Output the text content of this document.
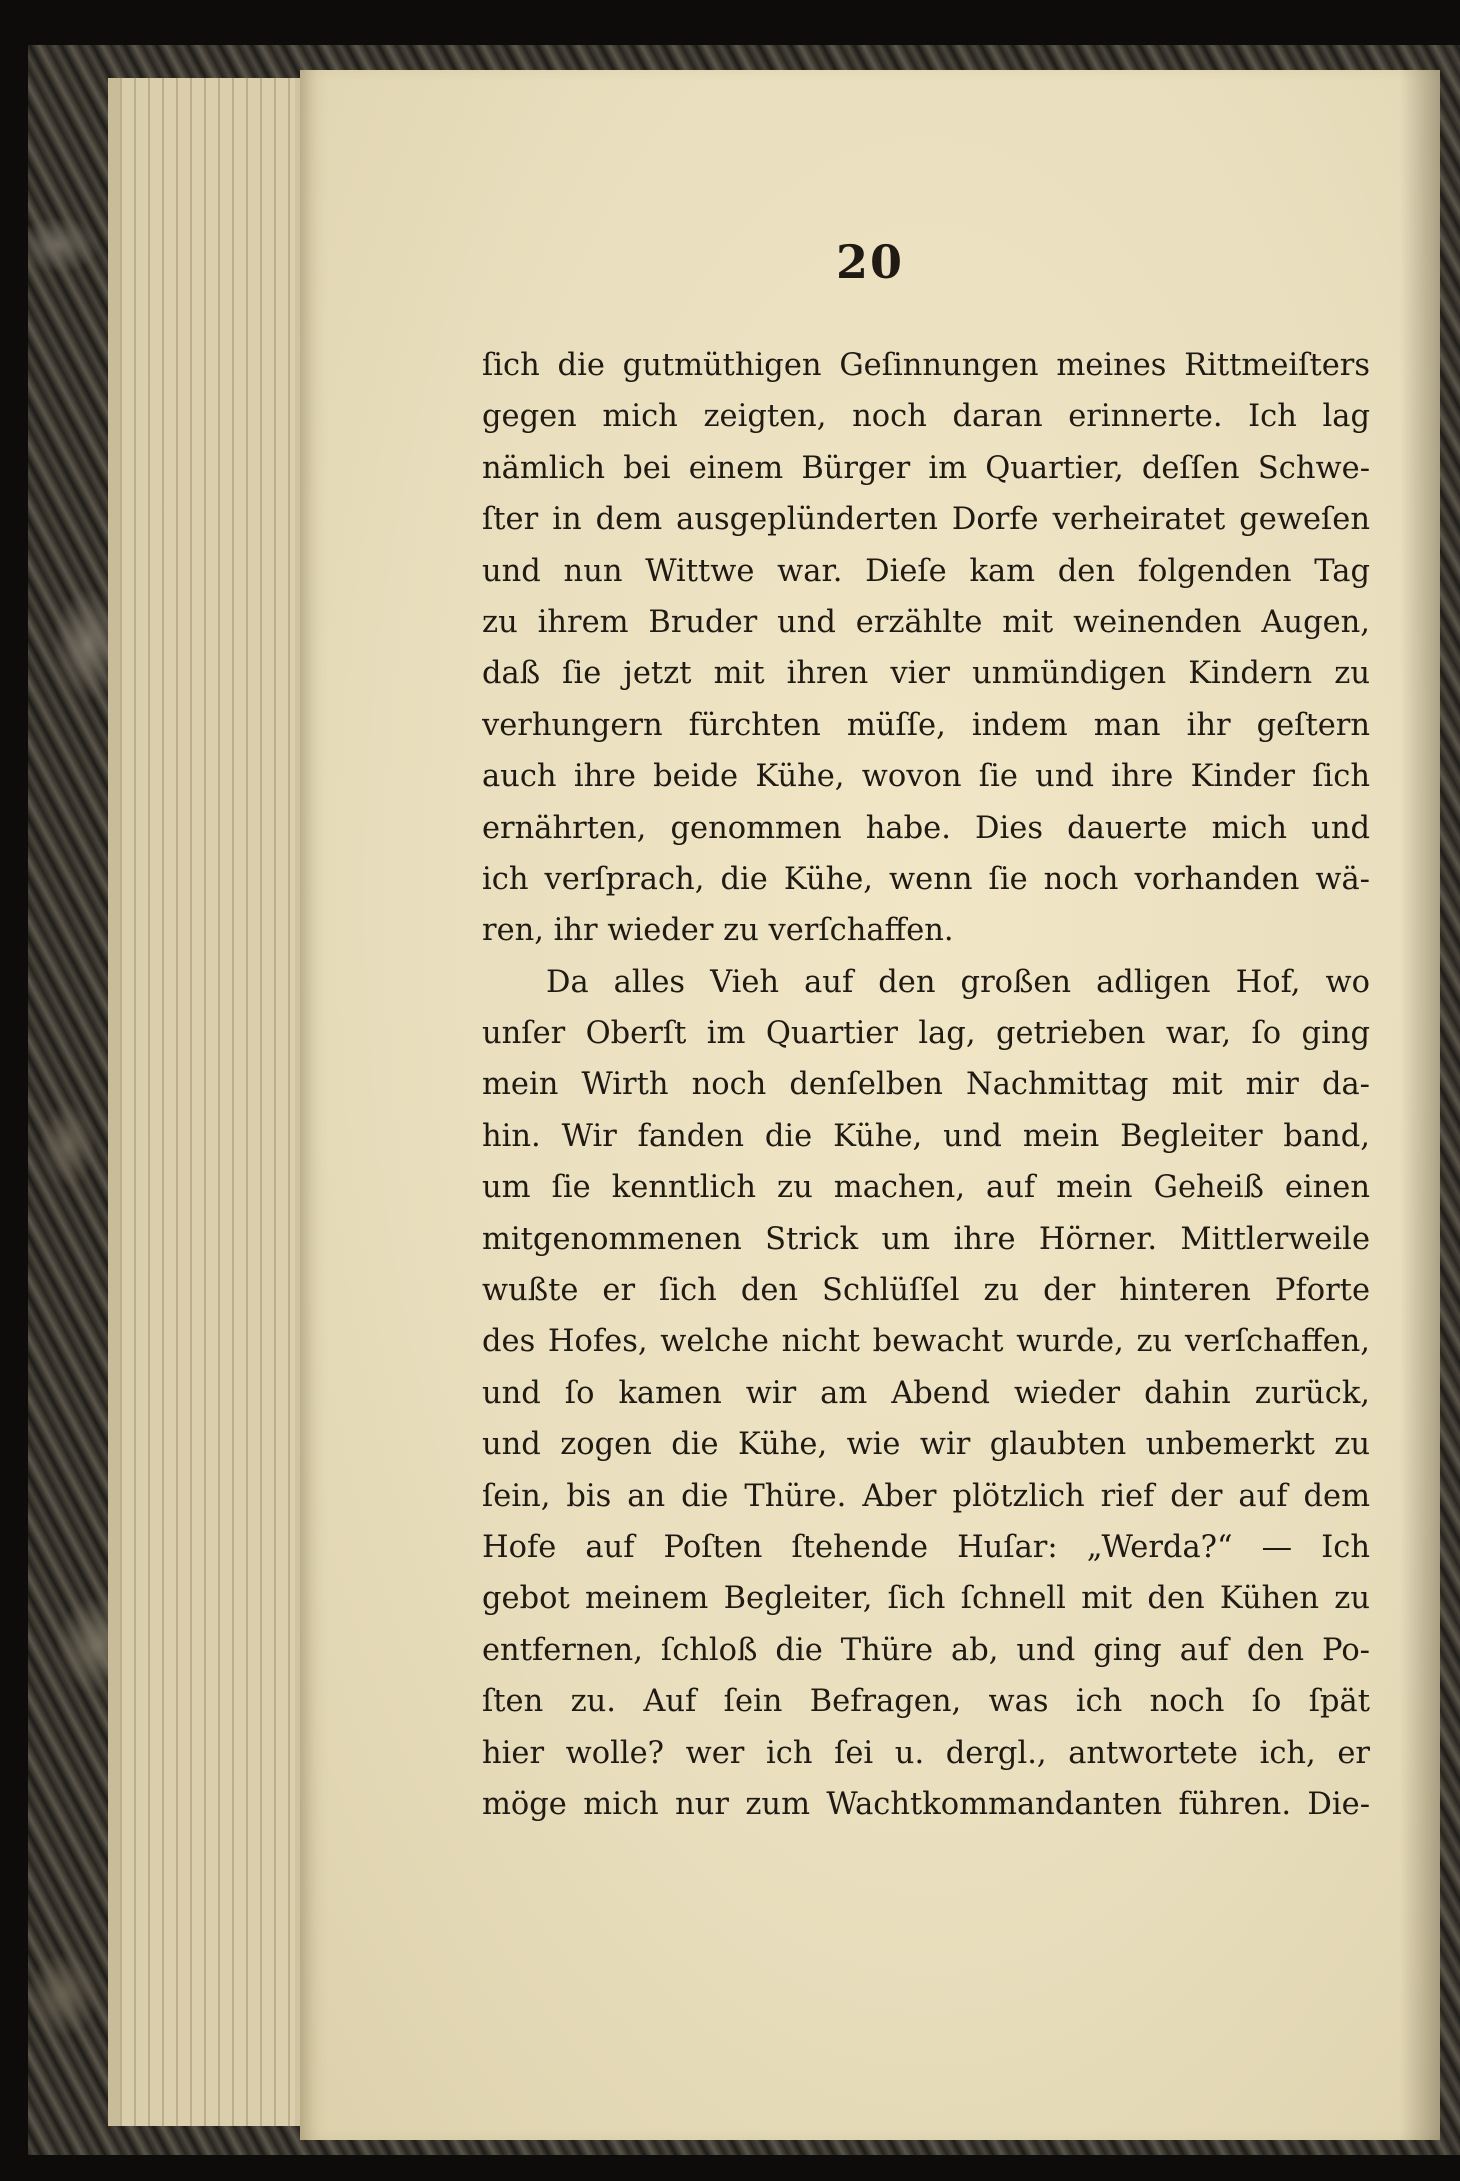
20
ſich die gutmüthigen Geſinnungen meines Rittmeiſters
gegen mich zeigten, noch daran erinnerte. Ich lag
nämlich bei einem Bürger im Quartier, deſſen Schwe-
ſter in dem ausgeplünderten Dorfe verheiratet geweſen
und nun Wittwe war. Dieſe kam den folgenden Tag
zu ihrem Bruder und erzählte mit weinenden Augen,
daß ſie jetzt mit ihren vier unmündigen Kindern zu
verhungern fürchten müſſe, indem man ihr geſtern
auch ihre beide Kühe, wovon ſie und ihre Kinder ſich
ernährten, genommen habe. Dies dauerte mich und
ich verſprach, die Kühe, wenn ſie noch vorhanden wä-
ren, ihr wieder zu verſchaffen.
Da alles Vieh auf den großen adligen Hof, wo
unſer Oberſt im Quartier lag, getrieben war, ſo ging
mein Wirth noch denſelben Nachmittag mit mir da-
hin. Wir fanden die Kühe, und mein Begleiter band,
um ſie kenntlich zu machen, auf mein Geheiß einen
mitgenommenen Strick um ihre Hörner. Mittlerweile
wußte er ſich den Schlüſſel zu der hinteren Pforte
des Hofes, welche nicht bewacht wurde, zu verſchaffen,
und ſo kamen wir am Abend wieder dahin zurück,
und zogen die Kühe, wie wir glaubten unbemerkt zu
ſein, bis an die Thüre. Aber plötzlich rief der auf dem
Hofe auf Poſten ſtehende Huſar: „Werda?“ — Ich
gebot meinem Begleiter, ſich ſchnell mit den Kühen zu
entfernen, ſchloß die Thüre ab, und ging auf den Po-
ſten zu. Auf ſein Befragen, was ich noch ſo ſpät
hier wolle? wer ich ſei u. dergl., antwortete ich, er
möge mich nur zum Wachtkommandanten führen. Die-
